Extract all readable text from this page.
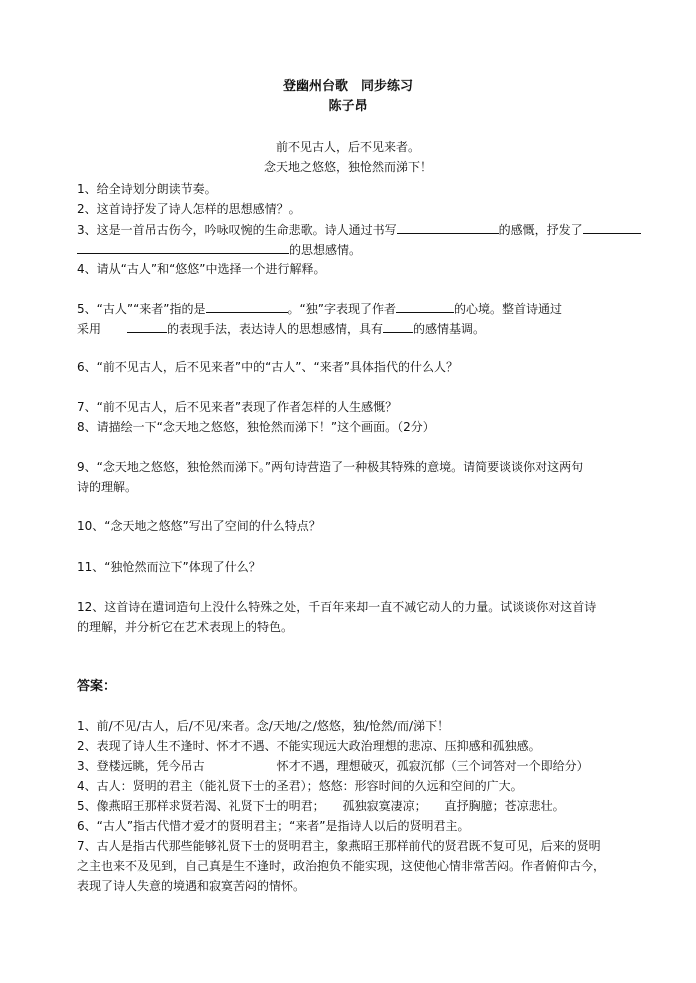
登幽州台歌　同步练习
陈子昂
前不见古人，后不见来者。
念天地之悠悠，独怆然而涕下！
1、给全诗划分朗读节奏。
2、这首诗抒发了诗人怎样的思想感情？。
3、这是一首吊古伤今，吟咏叹惋的生命悲歌。诗人通过书写	的感慨，抒发了
的思想感情。
4、请从“古人”和“悠悠”中选择一个进行解释。
5、“古人”“来者”指的是	。“独”字表现了作者	的心境。整首诗通过
采用	的表现手法，表达诗人的思想感情，具有	的感情基调。
6、“前不见古人，后不见来者”中的“古人”、“来者”具体指代的什么人？
7、“前不见古人，后不见来者”表现了作者怎样的人生感慨？
8、请描绘一下“念天地之悠悠，独怆然而涕下！”这个画面。（2分）
9、“念天地之悠悠，独怆然而涕下。”两句诗营造了一种极其特殊的意境。请简要谈谈你对这两句
诗的理解。
10、“念天地之悠悠”写出了空间的什么特点？
11、“独怆然而泣下”体现了什么？
12、这首诗在遣词造句上没什么特殊之处，千百年来却一直不减它动人的力量。试谈谈你对这首诗
的理解，并分析它在艺术表现上的特色。
答案：
1、前/不见/古人，后/不见/来者。念/天地/之/悠悠，独/怆然/而/涕下！
2、表现了诗人生不逢时、怀才不遇、不能实现远大政治理想的悲凉、压抑感和孤独感。
3、登楼远眺，凭今吊古　　　　　　怀才不遇，理想破灭，孤寂沉郁（三个词答对一个即给分）
4、古人：贤明的君主（能礼贤下士的圣君）；悠悠：形容时间的久远和空间的广大。
5、像燕昭王那样求贤若渴、礼贤下士的明君；　　孤独寂寞凄凉；　　直抒胸臆；苍凉悲壮。
6、“古人”指古代惜才爱才的贤明君主；“来者”是指诗人以后的贤明君主。
7、古人是指古代那些能够礼贤下士的贤明君主，象燕昭王那样前代的贤君既不复可见，后来的贤明
之主也来不及见到，自己真是生不逢时，政治抱负不能实现，这使他心情非常苦闷。作者俯仰古今，
表现了诗人失意的境遇和寂寞苦闷的情怀。
